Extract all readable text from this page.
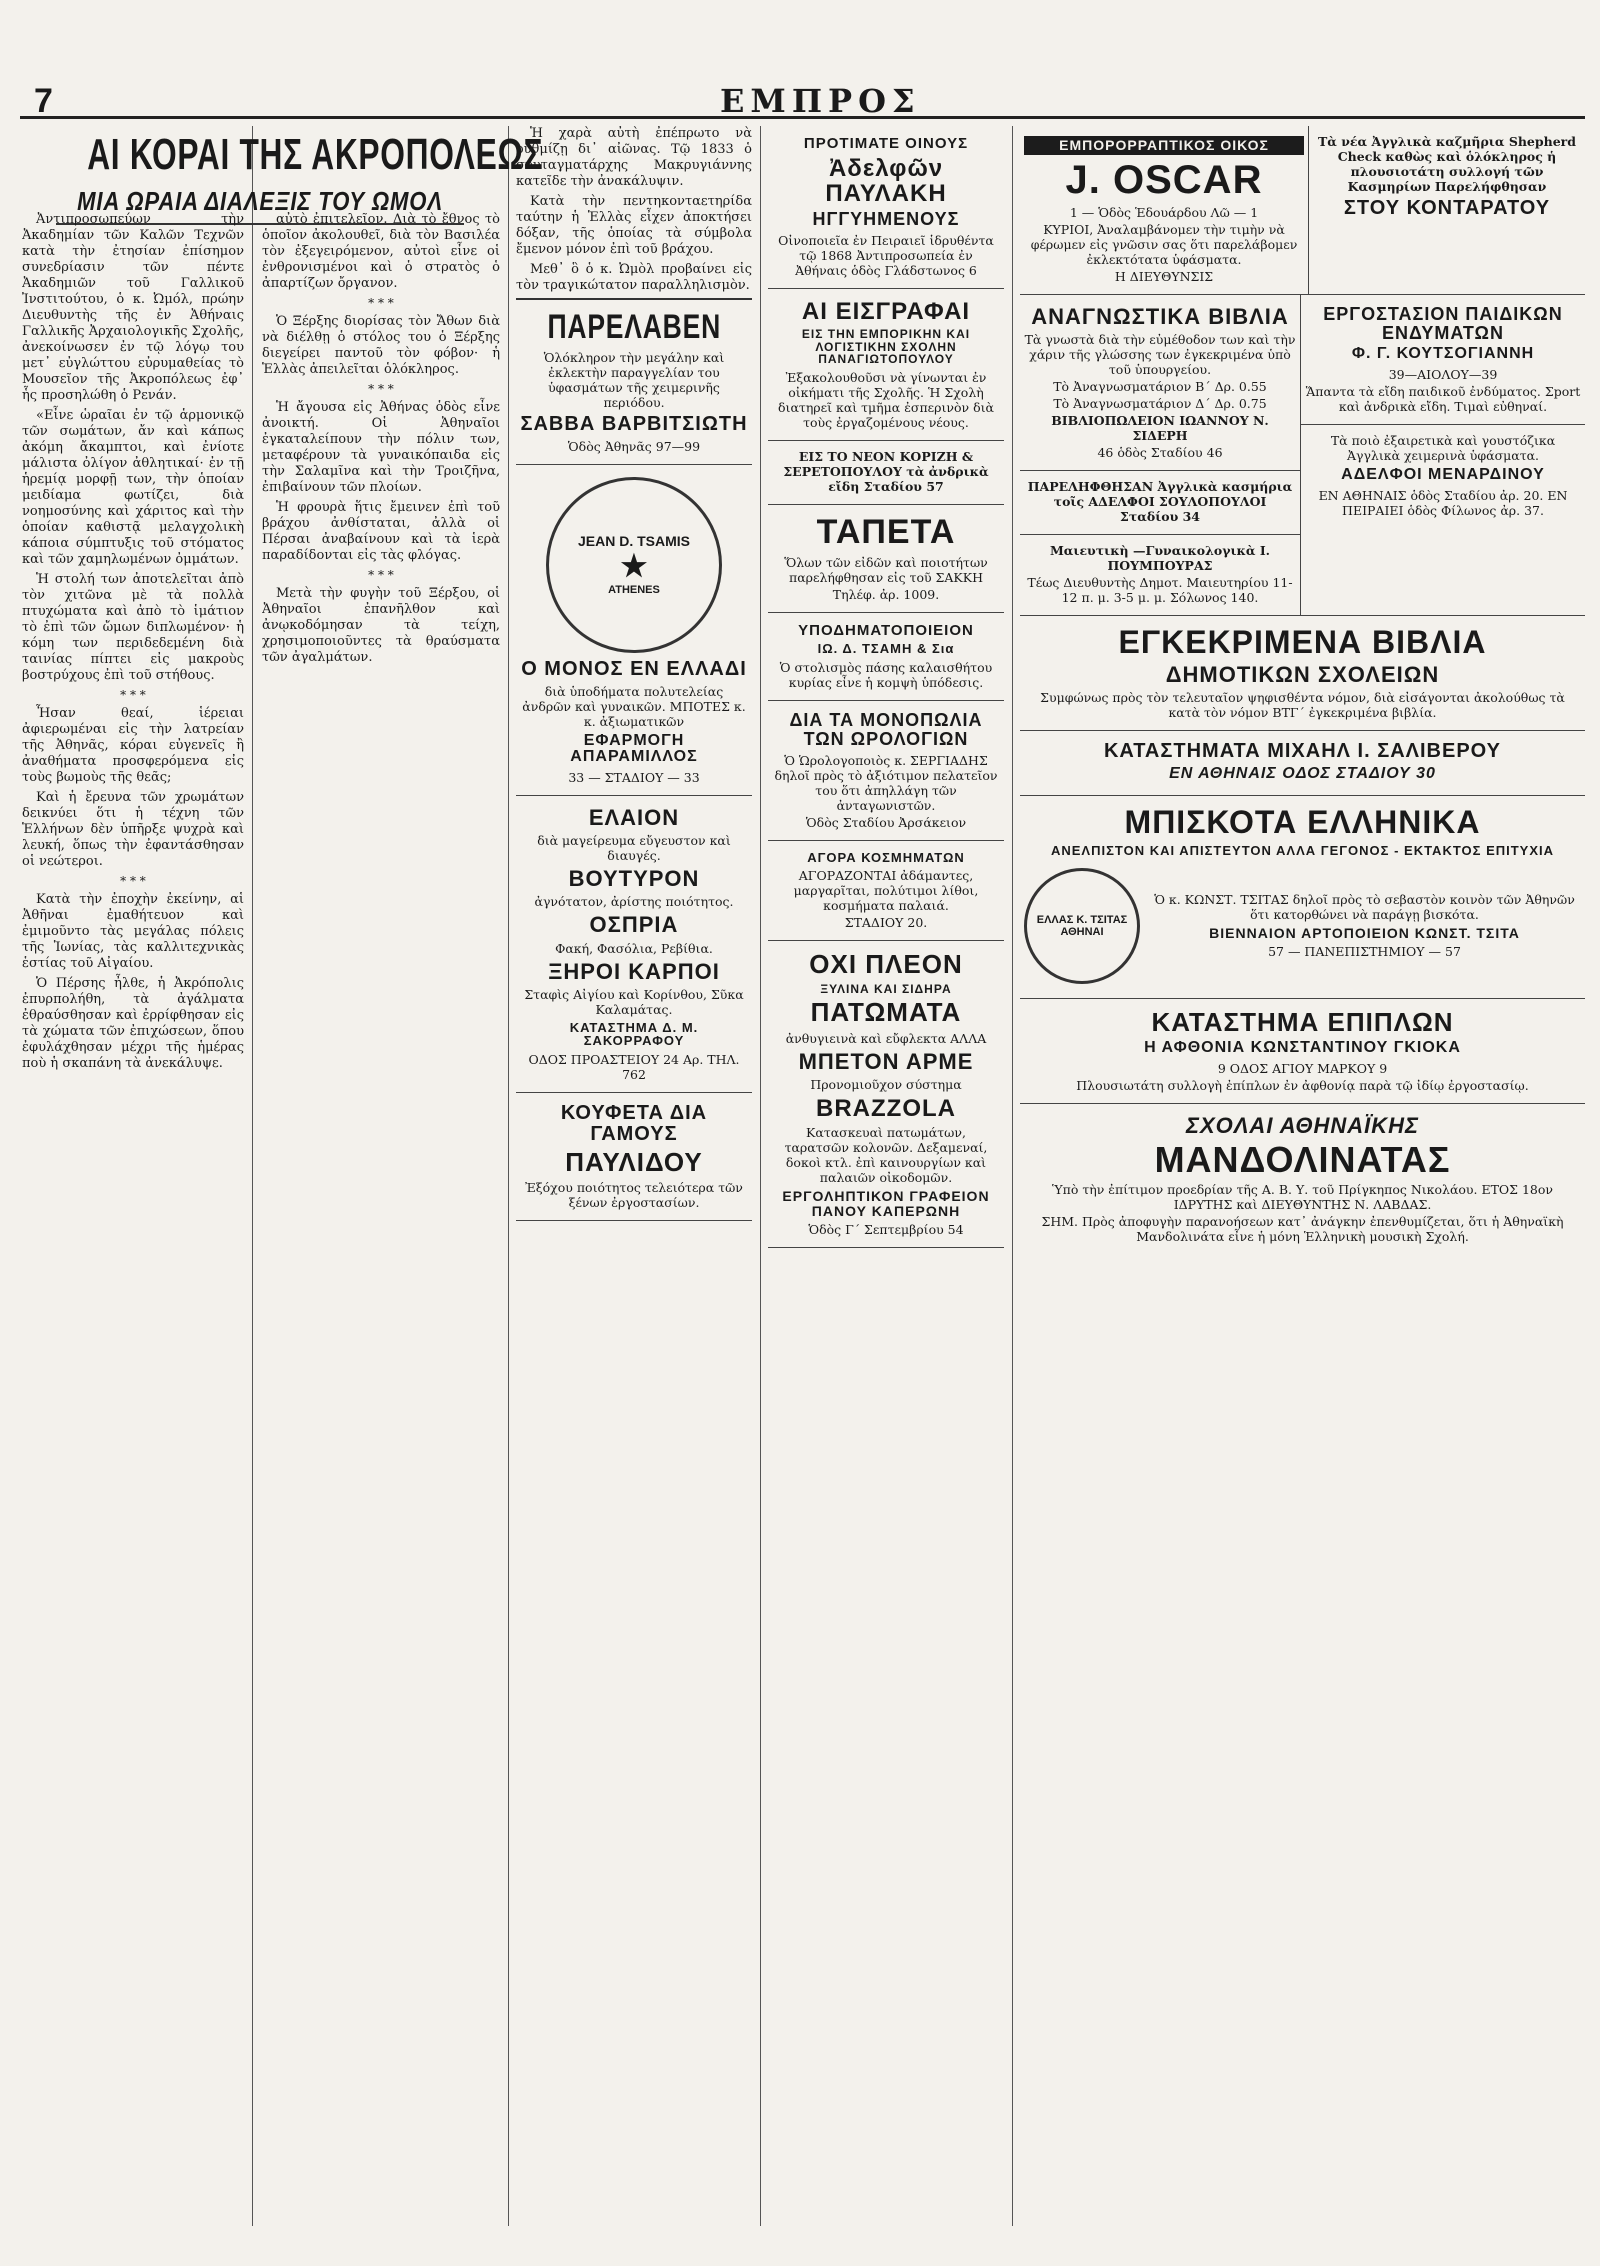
7	ΕΜΠΡΟΣ
ΑΙ ΚΟΡΑΙ ΤΗΣ ΑΚΡΟΠΟΛΕΩΣ
ΜΙΑ ΩΡΑΙΑ ΔΙΑΛΕΞΙΣ ΤΟΥ ΩΜΟΛ

Ἀντιπροσωπεύων τὴν Ἀκαδημίαν τῶν Καλῶν Τεχνῶν κατὰ τὴν ἐτησίαν ἐπίσημον συνεδρίασιν τῶν πέντε Ἀκαδημιῶν τοῦ Γαλλικοῦ Ἰνστιτούτου, ὁ κ. Ὠμόλ, πρώην Διευθυντὴς τῆς ἐν Ἀθήναις Γαλλικῆς Ἀρχαιολογικῆς Σχολῆς, ἀνεκοίνωσεν ἐν τῷ λόγῳ του μετ᾽ εὐγλώττου εὐρυμαθείας τὸ Μουσεῖον τῆς Ἀκροπόλεως ἐφ᾽ ἧς προσηλώθη ὁ Ρενάν.

«Εἶνε ὡραῖαι ἐν τῷ ἁρμονικῷ τῶν σωμάτων, ἄν καὶ κάπως ἀκόμη ἄκαμπτοι, καὶ ἐνίοτε μάλιστα ὀλίγον ἀθλητικαί· ἐν τῇ ἡρεμίᾳ μορφῇ των, τὴν ὁποίαν μειδίαμα φωτίζει, διὰ νοημοσύνης καὶ χάριτος καὶ τὴν ὁποίαν καθιστᾷ μελαγχολικὴ κάποια σύμπτυξις τοῦ στόματος καὶ τῶν χαμηλωμένων ὀμμάτων.

Ἡ στολή των ἀποτελεῖται ἀπὸ τὸν χιτῶνα μὲ τὰ πολλὰ πτυχώματα καὶ ἀπὸ τὸ ἱμάτιον τὸ ἐπὶ τῶν ὤμων διπλωμένον· ἡ κόμη των περιδεδεμένη διὰ ταινίας πίπτει εἰς μακροὺς βοστρύχους ἐπὶ τοῦ στήθους.

* * *

Ἦσαν θεαί, ἱέρειαι ἀφιερωμέναι εἰς τὴν λατρείαν τῆς Ἀθηνᾶς, κόραι εὐγενεῖς ἢ ἀναθήματα προσφερόμενα εἰς τοὺς βωμοὺς τῆς θεᾶς;

Καὶ ἡ ἔρευνα τῶν χρωμάτων δεικνύει ὅτι ἡ τέχνη τῶν Ἑλλήνων δὲν ὑπῆρξε ψυχρὰ καὶ λευκή, ὅπως τὴν ἐφαντάσθησαν οἱ νεώτεροι.

* * *

Κατὰ τὴν ἐποχὴν ἐκείνην, αἱ Ἀθῆναι ἐμαθήτευον καὶ ἐμιμοῦντο τὰς μεγάλας πόλεις τῆς Ἰωνίας, τὰς καλλιτεχνικὰς ἑστίας τοῦ Αἰγαίου.

Ὁ Πέρσης ἦλθε, ἡ Ἀκρόπολις ἐπυρπολήθη, τὰ ἀγάλματα ἐθραύσθησαν καὶ ἐρρίφθησαν εἰς τὰ χώματα τῶν ἐπιχώσεων, ὅπου ἐφυλάχθησαν μέχρι τῆς ἡμέρας ποὺ ἡ σκαπάνη τὰ ἀνεκάλυψε.

αὐτὸ ἐπιτελεῖον. Διὰ τὸ ἔθνος τὸ ὁποῖον ἀκολουθεῖ, διὰ τὸν Βασιλέα τὸν ἐξεγειρόμενον, αὐτοὶ εἶνε οἱ ἐνθρονισμένοι καὶ ὁ στρατὸς ὁ ἀπαρτίζων ὄργανον.

* * *

Ὁ Ξέρξης διορίσας τὸν Ἄθων διὰ νὰ διέλθῃ ὁ στόλος του ὁ Ξέρξης διεγείρει παντοῦ τὸν φόβον· ἡ Ἑλλὰς ἀπειλεῖται ὁλόκληρος.

* * *

Ἡ ἄγουσα εἰς Ἀθήνας ὁδὸς εἶνε ἀνοικτή. Οἱ Ἀθηναῖοι ἐγκαταλείπουν τὴν πόλιν των, μεταφέρουν τὰ γυναικόπαιδα εἰς τὴν Σαλαμῖνα καὶ τὴν Τροιζῆνα, ἐπιβαίνουν τῶν πλοίων.

Ἡ φρουρὰ ἥτις ἔμεινεν ἐπὶ τοῦ βράχου ἀνθίσταται, ἀλλὰ οἱ Πέρσαι ἀναβαίνουν καὶ τὰ ἱερὰ παραδίδονται εἰς τὰς φλόγας.

* * *

Μετὰ τὴν φυγὴν τοῦ Ξέρξου, οἱ Ἀθηναῖοι ἐπανῆλθον καὶ ἀνῳκοδόμησαν τὰ τείχη, χρησιμοποιοῦντες τὰ θραύσματα τῶν ἀγαλμάτων.

Ἡ χαρὰ αὐτὴ ἐπέπρωτο νὰ ρυθμίζῃ δι᾽ αἰῶνας. Τῷ 1833 ὁ συνταγματάρχης Μακρυγιάννης κατεῖδε τὴν ἀνακάλυψιν.

Κατὰ τὴν πεντηκονταετηρίδα ταύτην ἡ Ἑλλὰς εἶχεν ἀποκτήσει δόξαν, τῆς ὁποίας τὰ σύμβολα ἔμενον μόνον ἐπὶ τοῦ βράχου.

Μεθ᾽ ὃ ὁ κ. Ὠμὸλ προβαίνει εἰς τὸν τραγικώτατον παραλληλισμὸν.

ΠΑΡΕΛΑΒΕΝ

Ὁλόκληρον τὴν μεγάλην καὶ ἐκλεκτὴν παραγγελίαν του ὑφασμάτων τῆς χειμερινῆς περιόδου.

ΣΑΒΒΑ ΒΑΡΒΙΤΣΙΩΤΗ

Ὁδὸς Ἀθηνᾶς 97—99

JEAN D. TSAMIS
★
ATHENES
Ο ΜΟΝΟΣ ΕΝ ΕΛΛΑΔΙ

διὰ ὑποδήματα πολυτελείας ἀνδρῶν καὶ γυναικῶν. ΜΠΟΤΕΣ κ. κ. ἀξιωματικῶν

ΕΦΑΡΜΟΓΗ ΑΠΑΡΑΜΙΛΛΟΣ

33 — ΣΤΑΔΙΟΥ — 33

ΕΛΑΙΟΝ

διὰ μαγείρευμα εὔγευστον καὶ διαυγές.

ΒΟΥΤΥΡΟΝ

ἀγνότατον, ἀρίστης ποιότητος.

ΟΣΠΡΙΑ

Φακή, Φασόλια, Ρεβίθια.

ΞΗΡΟΙ ΚΑΡΠΟΙ

Σταφὶς Αἰγίου καὶ Κορίνθου, Σῦκα Καλαμάτας.

ΚΑΤΑΣΤΗΜΑ Δ. Μ. ΣΑΚΟΡΡΑΦΟΥ

ΟΔΟΣ ΠΡΟΑΣΤΕΙΟΥ 24 Αρ. ΤΗΛ. 762

ΚΟΥΦΕΤΑ ΔΙΑ ΓΑΜΟΥΣ
ΠΑΥΛΙΔΟΥ

Ἐξόχου ποιότητος τελειότερα τῶν ξένων ἐργοστασίων.

ΠΡΟΤΙΜΑΤΕ ΟΙΝΟΥΣ
Ἀδελφῶν ΠΑΥΛΑΚΗ
ΗΓΓΥΗΜΕΝΟΥΣ

Οἰνοποιεῖα ἐν Πειραιεῖ ἱδρυθέντα τῷ 1868 Ἀντιπροσωπεία ἐν Ἀθήναις ὁδὸς Γλάδστωνος 6

ΑΙ ΕΙΣΓΡΑΦΑΙ
ΕΙΣ ΤΗΝ ΕΜΠΟΡΙΚΗΝ ΚΑΙ ΛΟΓΙΣΤΙΚΗΝ ΣΧΟΛΗΝ ΠΑΝΑΓΙΩΤΟΠΟΥΛΟΥ

Ἐξακολουθοῦσι νὰ γίνωνται ἐν οἰκήματι τῆς Σχολῆς. Ἡ Σχολὴ διατηρεῖ καὶ τμῆμα ἐσπερινὸν διὰ τοὺς ἐργαζομένους νέους.

ΕΙΣ ΤΟ ΝΕΟΝ ΚΟΡΙΖΗ & ΣΕΡΕΤΟΠΟΥΛΟΥ τὰ ἀνδρικὰ εἴδη Σταδίου 57

ΤΑΠΕΤΑ

Ὅλων τῶν εἰδῶν καὶ ποιοτήτων παρελήφθησαν εἰς τοῦ ΣΑΚΚΗ

Τηλέφ. ἀρ. 1009.

ΥΠΟΔΗΜΑΤΟΠΟΙΕΙΟΝ
ΙΩ. Δ. ΤΣΑΜΗ & Σια

Ὁ στολισμὸς πάσης καλαισθήτου κυρίας εἶνε ἡ κομψὴ ὑπόδεσις.

ΔΙΑ ΤΑ ΜΟΝΟΠΩΛΙΑ ΤΩΝ ΩΡΟΛΟΓΙΩΝ

Ὁ Ὡρολογοποιὸς κ. ΣΕΡΓΙΑΔΗΣ δηλοῖ πρὸς τὸ ἀξιότιμον πελατεῖον του ὅτι ἀπηλλάγη τῶν ἀνταγωνιστῶν.

Ὁδὸς Σταδίου Ἀρσάκειον

ΑΓΟΡΑ ΚΟΣΜΗΜΑΤΩΝ

ΑΓΟΡΑΖΟΝΤΑΙ ἀδάμαντες, μαργαρῖται, πολύτιμοι λίθοι, κοσμήματα παλαιά.

ΣΤΑΔΙΟΥ 20.

ΟΧΙ ΠΛΕΟΝ
ΞΥΛΙΝΑ ΚΑΙ ΣΙΔΗΡΑ
ΠΑΤΩΜΑΤΑ

ἀνθυγιεινὰ καὶ εὔφλεκτα ΑΛΛΑ

ΜΠΕΤΟΝ ΑΡΜΕ

Προνομιοῦχον σύστημα

BRAZZOLA

Κατασκευαὶ πατωμάτων, ταρατσῶν κολονῶν. Δεξαμεναί, δοκοὶ κτλ. ἐπὶ καινουργίων καὶ παλαιῶν οἰκοδομῶν.

ΕΡΓΟΛΗΠΤΙΚΟΝ ΓΡΑΦΕΙΟΝ ΠΑΝΟΥ ΚΑΠΕΡΩΝΗ

Ὁδὸς Γ΄ Σεπτεμβρίου 54

ΕΜΠΟΡΟΡΡΑΠΤΙΚΟΣ ΟΙΚΟΣ
J. OSCAR

1 — Ὁδὸς Ἑδουάρδου Λῶ — 1

ΚΥΡΙΟΙ, Ἀναλαμβάνομεν τὴν τιμὴν νὰ φέρωμεν εἰς γνῶσιν σας ὅτι παρελάβομεν ἐκλεκτότατα ὑφάσματα.

Η ΔΙΕΥΘΥΝΣΙΣ

Τὰ νέα Ἀγγλικὰ καζμῆρια Shepherd Check καθὼς καὶ ὁλόκληρος ἡ πλουσιοτάτη συλλογή τῶν Κασμηρίων Παρελήφθησαν

ΣΤΟΥ ΚΟΝΤΑΡΑΤΟΥ
ΑΝΑΓΝΩΣΤΙΚΑ ΒΙΒΛΙΑ

Τὰ γνωστὰ διὰ τὴν εὐμέθοδον των καὶ τὴν χάριν τῆς γλώσσης των ἐγκεκριμένα ὑπὸ τοῦ ὑπουργείου.

Τὸ Ἀναγνωσματάριον Β΄ Δρ. 0.55

Τὸ Ἀναγνωσματάριον Δ΄ Δρ. 0.75

ΒΙΒΛΙΟΠΩΛΕΙΟΝ ΙΩΑΝΝΟΥ Ν. ΣΙΔΕΡΗ

46 ὁδὸς Σταδίου 46

ΠΑΡΕΛΗΦΘΗΣΑΝ Ἀγγλικὰ κασμήρια τοῖς ΑΔΕΛΦΟΙ ΣΟΥΛΟΠΟΥΛΟΙ Σταδίου 34

Μαιευτικὴ —Γυναικολογικὰ Ι. ΠΟΥΜΠΟΥΡΑΣ

Τέως Διευθυντὴς Δημοτ. Μαιευτηρίου 11-12 π. μ. 3-5 μ. μ. Σόλωνος 140.

ΕΡΓΟΣΤΑΣΙΟΝ ΠΑΙΔΙΚΩΝ ΕΝΔΥΜΑΤΩΝ
Φ. Γ. ΚΟΥΤΣΟΓΙΑΝΝΗ

39—ΑΙΟΛΟΥ—39

Ἅπαντα τὰ εἴδη παιδικοῦ ἐνδύματος. Σport καὶ ἀνδρικὰ εἴδη. Τιμαὶ εὐθηναί.

Τὰ ποιὸ ἐξαιρετικὰ καὶ γουστόζικα Ἀγγλικὰ χειμερινὰ ὑφάσματα.

ΑΔΕΛΦΟΙ ΜΕΝΑΡΔΙΝΟΥ

ΕΝ ΑΘΗΝΑΙΣ ὁδὸς Σταδίου ἀρ. 20. ΕΝ ΠΕΙΡΑΙΕΙ ὁδὸς Φίλωνος ἀρ. 37.

ΕΓΚΕΚΡΙΜΕΝΑ ΒΙΒΛΙΑ
ΔΗΜΟΤΙΚΩΝ ΣΧΟΛΕΙΩΝ

Συμφώνως πρὸς τὸν τελευταῖον ψηφισθέντα νόμον, διὰ εἰσάγονται ἀκολούθως τὰ κατὰ τὸν νόμον ΒΤΓ΄ ἐγκεκριμένα βιβλία.

ΚΑΤΑΣΤΗΜΑΤΑ ΜΙΧΑΗΛ Ι. ΣΑΛΙΒΕΡΟΥ
ΕΝ ΑΘΗΝΑΙΣ ΟΔΟΣ ΣΤΑΔΙΟΥ 30
ΜΠΙΣΚΟΤΑ ΕΛΛΗΝΙΚΑ
ΑΝΕΛΠΙΣΤΟΝ ΚΑΙ ΑΠΙΣΤΕΥΤΟΝ ΑΛΛΑ ΓΕΓΟΝΟΣ - ΕΚΤΑΚΤΟΣ ΕΠΙΤΥΧΙΑ
ΕΛΛΑΣ Κ. ΤΣΙΤΑΣ ΑΘΗΝΑΙ

Ὁ κ. ΚΩΝΣΤ. ΤΣΙΤΑΣ δηλοῖ πρὸς τὸ σεβαστὸν κοινὸν τῶν Ἀθηνῶν ὅτι κατορθώνει νὰ παράγῃ βισκότα.

ΒΙΕΝΝΑΙΟΝ ΑΡΤΟΠΟΙΕΙΟΝ ΚΩΝΣΤ. ΤΣΙΤΑ

57 — ΠΑΝΕΠΙΣΤΗΜΙΟΥ — 57

ΚΑΤΑΣΤΗΜΑ ΕΠΙΠΛΩΝ
Η ΑΦΘΟΝΙΑ ΚΩΝΣΤΑΝΤΙΝΟΥ ΓΚΙΟΚΑ

9 ΟΔΟΣ ΑΓΙΟΥ ΜΑΡΚΟΥ 9

Πλουσιωτάτη συλλογὴ ἐπίπλων ἐν ἀφθονίᾳ παρὰ τῷ ἰδίῳ ἐργοστασίῳ.

ΣΧΟΛΑΙ ΑΘΗΝΑΪΚΗΣ
ΜΑΝΔΟΛΙΝΑΤΑΣ

Ὑπὸ τὴν ἐπίτιμον προεδρίαν τῆς Α. Β. Υ. τοῦ Πρίγκηπος Νικολάου. ΕΤΟΣ 18ον ΙΔΡΥΤΗΣ καὶ ΔΙΕΥΘΥΝΤΗΣ Ν. ΛΑΒΔΑΣ.

ΣΗΜ. Πρὸς ἀποφυγὴν παρανοήσεων κατ᾽ ἀνάγκην ἐπενθυμίζεται, ὅτι ἡ Ἀθηναϊκὴ Μανδολινάτα εἶνε ἡ μόνη Ἑλληνικὴ μουσικὴ Σχολή.
